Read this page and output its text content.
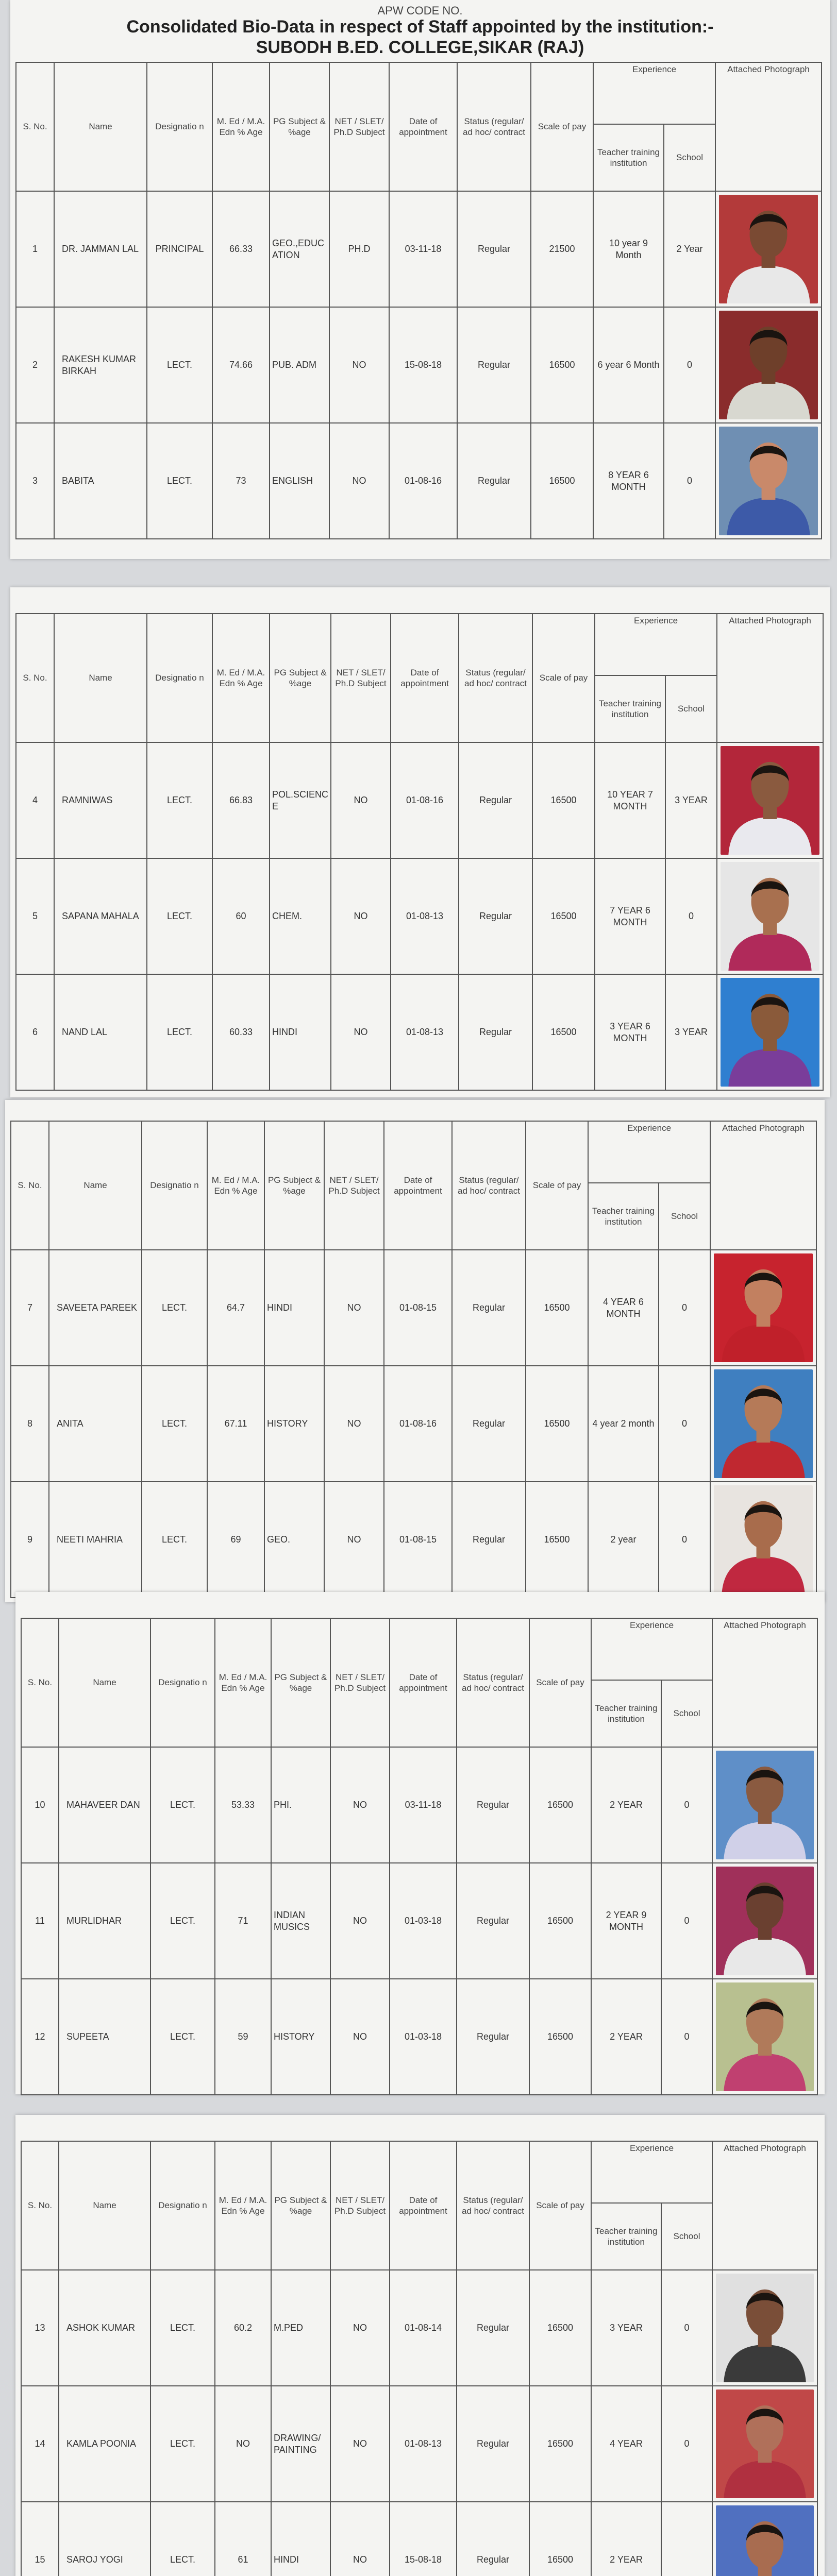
APW CODE NO.
Consolidated Bio-Data in respect of Staff appointed by the institution:-
SUBODH B.ED. COLLEGE,SIKAR (RAJ)
S. No.	Name	Designatio n	M. Ed / M.A. Edn % Age	PG Subject & %age	NET / SLET/ Ph.D Subject	Date of appointment	Status (regular/ ad hoc/ contract	Scale of pay	Experience		Attached Photograph
									Teacher training institution	School	
1	DR. JAMMAN LAL	PRINCIPAL	66.33	GEO.,EDUC ATION	PH.D	03-11-18	Regular	21500	10 year 9 Month	2 Year	

2	RAKESH KUMAR BIRKAH	LECT.	74.66	PUB. ADM	NO	15-08-18	Regular	16500	6 year 6 Month	0	

3	BABITA	LECT.	73	ENGLISH	NO	01-08-16	Regular	16500	8 YEAR 6 MONTH	0	
S. No.	Name	Designatio n	M. Ed / M.A. Edn % Age	PG Subject & %age	NET / SLET/ Ph.D Subject	Date of appointment	Status (regular/ ad hoc/ contract	Scale of pay	Experience		Attached Photograph
									Teacher training institution	School	
4	RAMNIWAS	LECT.	66.83	POL.SCIENC E	NO	01-08-16	Regular	16500	10 YEAR 7 MONTH	3 YEAR	

5	SAPANA MAHALA	LECT.	60	CHEM.	NO	01-08-13	Regular	16500	7 YEAR 6 MONTH	0	

6	NAND LAL	LECT.	60.33	HINDI	NO	01-08-13	Regular	16500	3 YEAR 6 MONTH	3 YEAR	
S. No.	Name	Designatio n	M. Ed / M.A. Edn % Age	PG Subject & %age	NET / SLET/ Ph.D Subject	Date of appointment	Status (regular/ ad hoc/ contract	Scale of pay	Experience		Attached Photograph
									Teacher training institution	School	
7	SAVEETA PAREEK	LECT.	64.7	HINDI	NO	01-08-15	Regular	16500	4 YEAR 6 MONTH	0	

8	ANITA	LECT.	67.11	HISTORY	NO	01-08-16	Regular	16500	4 year 2 month	0	

9	NEETI MAHRIA	LECT.	69	GEO.	NO	01-08-15	Regular	16500	2 year	0	
S. No.	Name	Designatio n	M. Ed / M.A. Edn % Age	PG Subject & %age	NET / SLET/ Ph.D Subject	Date of appointment	Status (regular/ ad hoc/ contract	Scale of pay	Experience		Attached Photograph
									Teacher training institution	School	
10	MAHAVEER DAN	LECT.	53.33	PHI.	NO	03-11-18	Regular	16500	2 YEAR	0	

11	MURLIDHAR	LECT.	71	INDIAN MUSICS	NO	01-03-18	Regular	16500	2 YEAR 9 MONTH	0	

12	SUPEETA	LECT.	59	HISTORY	NO	01-03-18	Regular	16500	2 YEAR	0	
S. No.	Name	Designatio n	M. Ed / M.A. Edn % Age	PG Subject & %age	NET / SLET/ Ph.D Subject	Date of appointment	Status (regular/ ad hoc/ contract	Scale of pay	Experience		Attached Photograph
									Teacher training institution	School	
13	ASHOK KUMAR	LECT.	60.2	M.PED	NO	01-08-14	Regular	16500	3 YEAR	0	

14	KAMLA POONIA	LECT.	NO	DRAWING/ PAINTING	NO	01-08-13	Regular	16500	4 YEAR	0	

15	SAROJ YOGI	LECT.	61	HINDI	NO	15-08-18	Regular	16500	2 YEAR		
